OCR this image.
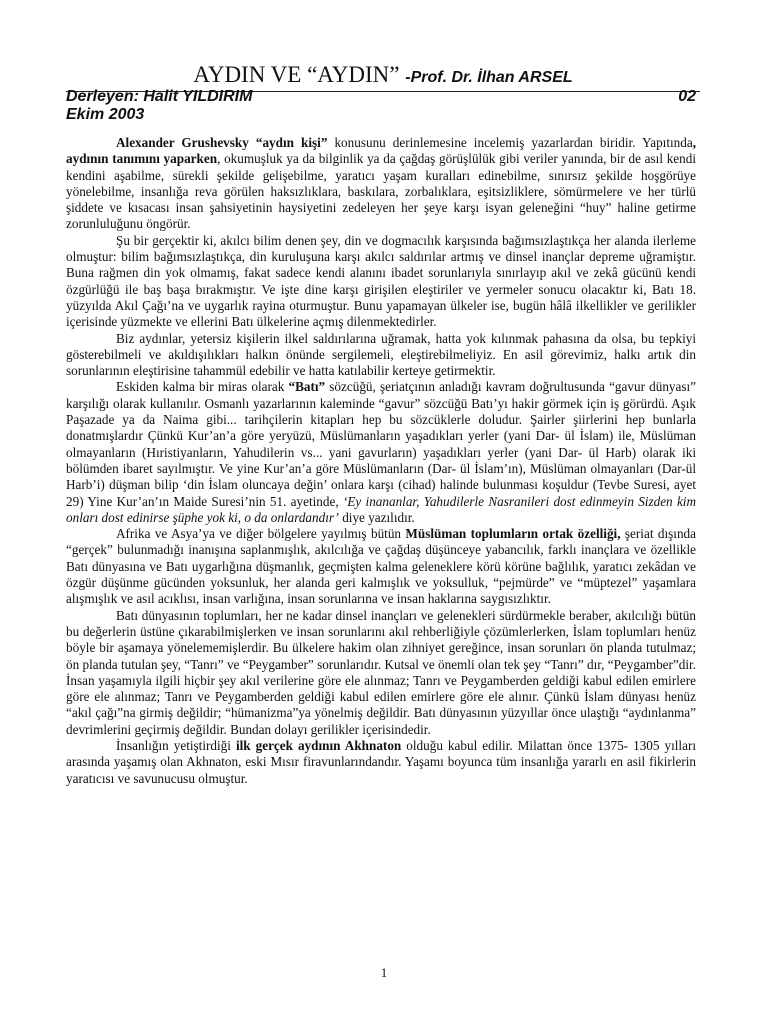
AYDIN VE “AYDIN” -Prof. Dr. İlhan ARSEL
Derleyen: Halit YILDIRIM	02
Ekim 2003

Alexander Grushevsky “aydın kişi” konusunu derinlemesine incelemiş yazarlardan biridir. Yapıtında, aydının tanımını yaparken, okumuşluk ya da bilginlik ya da çağdaş görüşlülük gibi veriler yanında, bir de asıl kendi kendini aşabilme, sürekli şekilde gelişebilme, yaratıcı yaşam kuralları edinebilme, sınırsız şekilde hoşgörüye yönelebilme, insanlığa reva görülen haksızlıklara, baskılara, zorbalıklara, eşitsizliklere, sömürmelere ve her türlü şiddete ve kısacası insan şahsiyetinin haysiyetini zedeleyen her şeye karşı isyan geleneğini “huy” haline getirme zorunluluğunu öngörür.

Şu bir gerçektir ki, akılcı bilim denen şey, din ve dogmacılık karşısında bağımsızlaştıkça her alanda ilerleme olmuştur: bilim bağımsızlaştıkça, din kuruluşuna karşı akılcı saldırılar artmış ve dinsel inançlar depreme uğramiştır. Buna rağmen din yok olmamış, fakat sadece kendi alanını ibadet sorunlarıyla sınırlayıp akıl ve zekâ gücünü kendi özgürlüğü ile baş başa bırakmıştır. Ve işte dine karşı girişilen eleştiriler ve yermeler sonucu olacaktır ki, Batı 18. yüzyılda Akıl Çağı’na ve uygarlık rayina oturmuştur. Bunu yapamayan ülkeler ise, bugün hâlâ ilkellikler ve gerilikler içerisinde yüzmekte ve ellerini Batı ülkelerine açmış dilenmektedirler.

Biz aydınlar, yetersiz kişilerin ilkel saldırılarına uğramak, hatta yok kılınmak pahasına da olsa, bu tepkiyi gösterebilmeli ve akıldışılıkları halkın önünde sergilemeli, eleştirebilmeliyiz. En asil görevimiz, halkı artık din sorunlarının eleştirisine tahammül edebilir ve hatta katılabilir kerteye getirmektir.

Eskiden kalma bir miras olarak “Batı” sözcüğü, şeriatçının anladığı kavram doğrultusunda “gavur dünyası” karşılığı olarak kullanılır. Osmanlı yazarlarının kaleminde “gavur” sözcüğü Batı’yı hakir görmek için iş görürdü. Aşık Paşazade ya da Naima gibi... tarihçilerin kitapları hep bu sözcüklerle doludur. Şairler şiirlerini hep bunlarla donatmışlardır Çünkü Kur’an’a göre yeryüzü, Müslümanların yaşadıkları yerler (yani Dar- ül İslam) ile, Müslüman olmayanların (Hıristiyanların, Yahudilerin vs... yani gavurların) yaşadıkları yerler (yani Dar- ül Harb) olarak iki bölümden ibaret sayılmıştır. Ve yine Kur’an’a göre Müslümanların (Dar- ül İslam’ın), Müslüman olmayanları (Dar-ül Harb’i) düşman bilip ‘din İslam oluncaya değin’ onlara karşı (cihad) halinde bulunması koşuldur (Tevbe Suresi, ayet 29) Yine Kur’an’ın Maide Suresi’nin 51. ayetinde, ‘Ey inananlar, Yahudilerle Nasranileri dost edinmeyin Sizden kim onları dost edinirse şüphe yok ki, o da onlardandır’ diye yazılıdır.

Afrika ve Asya’ya ve diğer bölgelere yayılmış bütün Müslüman toplumların ortak özelliği, şeriat dışında “gerçek” bulunmadığı inanışına saplanmışlık, akılcılığa ve çağdaş düşünceye yabancılık, farklı inançlara ve özellikle Batı dünyasına ve Batı uygarlığına düşmanlık, geçmişten kalma geleneklere körü körüne bağlılık, yaratıcı zekâdan ve özgür düşünme gücünden yoksunluk, her alanda geri kalmışlık ve yoksulluk, “pejmürde” ve “müptezel” yaşamlara alışmışlık ve asıl acıklısı, insan varlığına, insan sorunlarına ve insan haklarına saygısızlıktır.

Batı dünyasının toplumları, her ne kadar dinsel inançları ve gelenekleri sürdürmekle beraber, akılcılığı bütün bu değerlerin üstüne çıkarabilmişlerken ve insan sorunlarını akıl rehberliğiyle çözümlerlerken, İslam toplumları henüz böyle bir aşamaya yönelememişlerdir. Bu ülkelere hakim olan zihniyet gereğince, insan sorunları ön planda tutulmaz; ön planda tutulan şey, “Tanrı” ve “Peygamber” sorunlarıdır. Kutsal ve önemli olan tek şey “Tanrı” dır, “Peygamber”dir. İnsan yaşamıyla ilgili hiçbir şey akıl verilerine göre ele alınmaz; Tanrı ve Peygamberden geldiği kabul edilen emirlere göre ele alınmaz; Tanrı ve Peygamberden geldiği kabul edilen emirlere göre ele alınır. Çünkü İslam dünyası henüz “akıl çağı”na girmiş değildir; “hümanizma”ya yönelmiş değildir. Batı dünyasının yüzyıllar önce ulaştığı “aydınlanma” devrimlerini geçirmiş değildir. Bundan dolayı gerilikler içerisindedir.

İnsanlığın yetiştirdiği ilk gerçek aydının Akhnaton olduğu kabul edilir. Milattan önce 1375- 1305 yılları arasında yaşamış olan Akhnaton, eski Mısır firavunlarındandır. Yaşamı boyunca tüm insanlığa yararlı en asil fikirlerin yaratıcısı ve savunucusu olmuştur.

1
